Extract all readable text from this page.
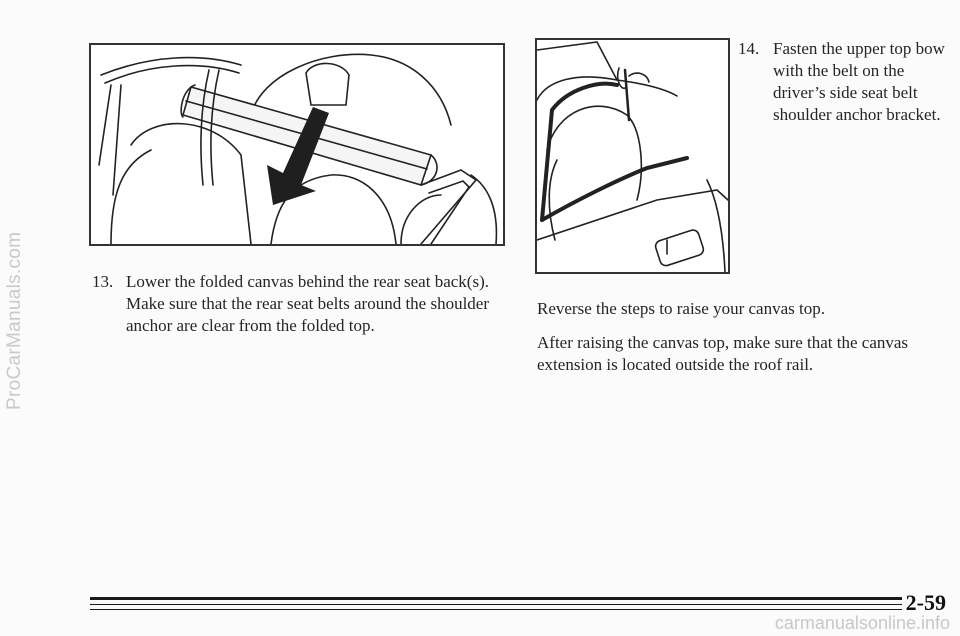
ProCarManuals.com	13. Lower the folded canvas behind the rear seat back(s). Make sure that the rear seat belts around the shoulder anchor are clear from the folded top.
14. Fasten the upper top bow with the belt on the driver’s side seat belt shoulder anchor bracket.

Reverse the steps to raise your canvas top.

After raising the canvas top, make sure that the canvas extension is located outside the roof rail.

2-59
carmanualsonline.info
